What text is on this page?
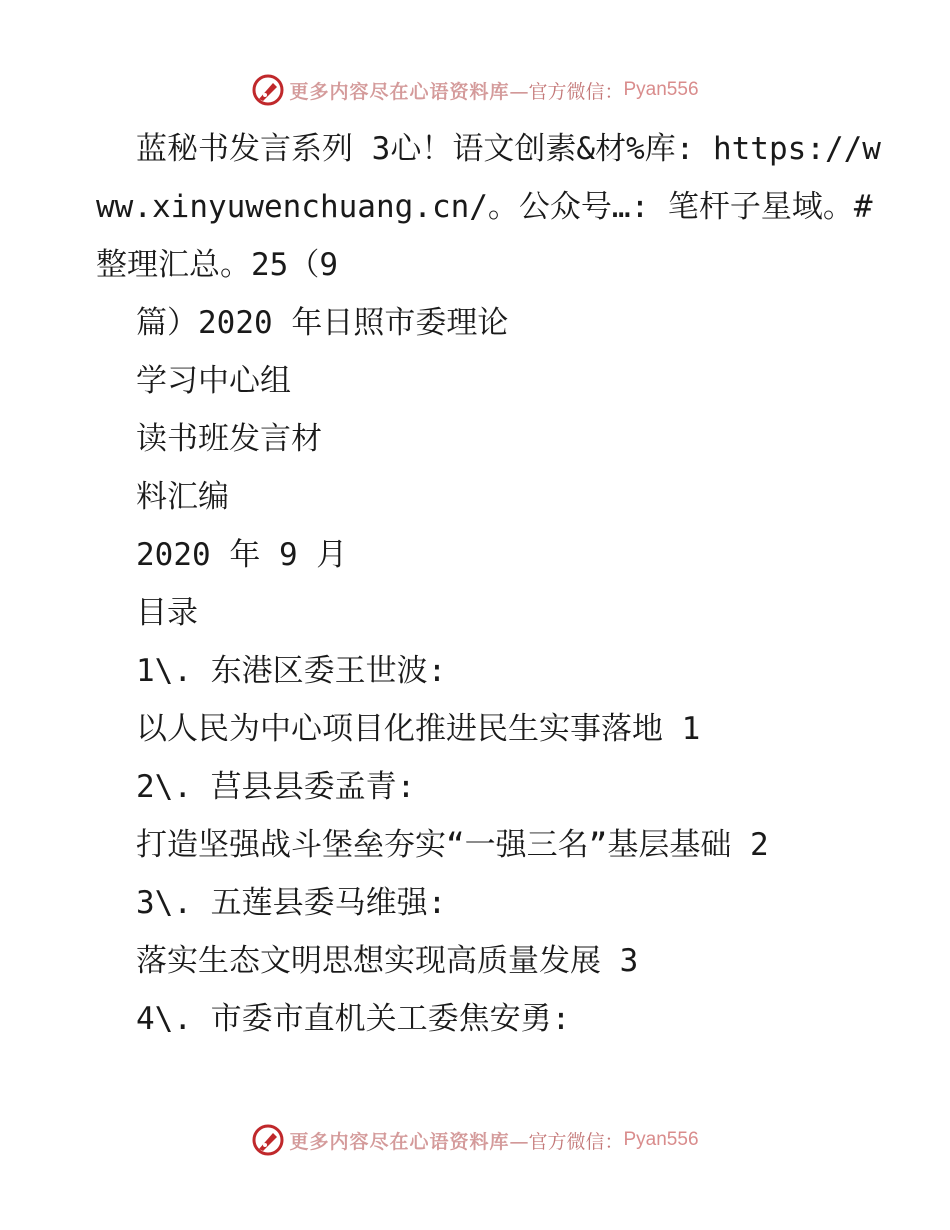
更多内容尽在心语资料库 —官方微信： Pyan556

蓝秘书发言系列 3心！语文创素&材%库: https://www.xinyuwenchuang.cn/。公众号…: 笔杆子星域。#整理汇总。25（9

篇）2020 年日照市委理论

学习中心组

读书班发言材

料汇编

2020 年 9 月

目录

1\. 东港区委王世波:

以人民为中心项目化推进民生实事落地 1

2\. 莒县县委孟青:

打造坚强战斗堡垒夯实“一强三名”基层基础 2

3\. 五莲县委马维强:

落实生态文明思想实现高质量发展 3

4\. 市委市直机关工委焦安勇:

更多内容尽在心语资料库 —官方微信： Pyan556
